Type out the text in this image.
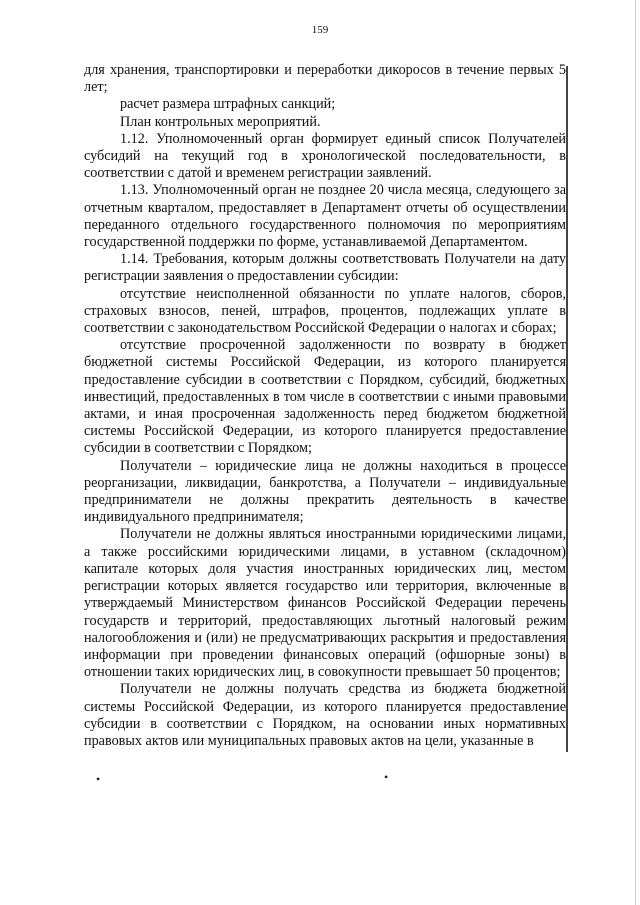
159

для хранения, транспортировки и переработки дикоросов в течение первых 5 лет;

расчет размера штрафных санкций;

План контрольных мероприятий.

1.12. Уполномоченный орган формирует единый список Получателей субсидий на текущий год в хронологической последовательности, в соответствии с датой и временем регистрации заявлений.

1.13. Уполномоченный орган не позднее 20 числа месяца, следующего за отчетным кварталом, предоставляет в Департамент отчеты об осуществлении переданного отдельного государственного полномочия по мероприятиям государственной поддержки по форме, устанавливаемой Департаментом.

1.14. Требования, которым должны соответствовать Получатели на дату регистрации заявления о предоставлении субсидии:

отсутствие неисполненной обязанности по уплате налогов, сборов, страховых взносов, пеней, штрафов, процентов, подлежащих уплате в соответствии с законодательством Российской Федерации о налогах и сборах;

отсутствие просроченной задолженности по возврату в бюджет бюджетной системы Российской Федерации, из которого планируется предоставление субсидии в соответствии с Порядком, субсидий, бюджетных инвестиций, предоставленных в том числе в соответствии с иными правовыми актами, и иная просроченная задолженность перед бюджетом бюджетной системы Российской Федерации, из которого планируется предоставление субсидии в соответствии с Порядком;

Получатели – юридические лица не должны находиться в процессе реорганизации, ликвидации, банкротства, а Получатели – индивидуальные предприниматели не должны прекратить деятельность в качестве индивидуального предпринимателя;

Получатели не должны являться иностранными юридическими лицами, а также российскими юридическими лицами, в уставном (складочном) капитале которых доля участия иностранных юридических лиц, местом регистрации которых является государство или территория, включенные в утверждаемый Министерством финансов Российской Федерации перечень государств и территорий, предоставляющих льготный налоговый режим налогообложения и (или) не предусматривающих раскрытия и предоставления информации при проведении финансовых операций (офшорные зоны) в отношении таких юридических лиц, в совокупности превышает 50 процентов;

Получатели не должны получать средства из бюджета бюджетной системы Российской Федерации, из которого планируется предоставление субсидии в соответствии с Порядком, на основании иных нормативных правовых актов или муниципальных правовых актов на цели, указанные в

•	•
